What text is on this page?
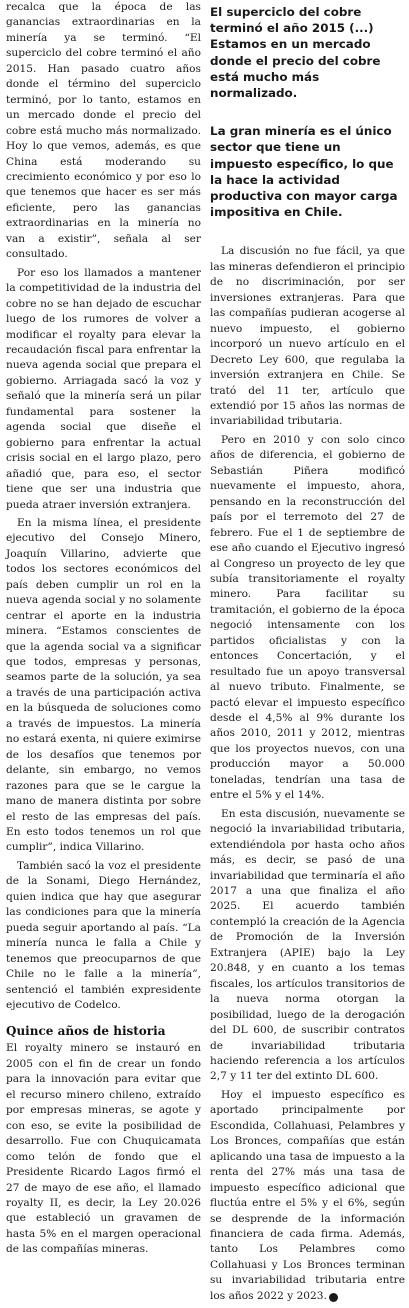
recalca que la época de las ganancias extraordinarias en la minería ya se terminó. “El superciclo del cobre terminó el año 2015. Han pasado cuatro años donde el término del superciclo terminó, por lo tanto, estamos en un mercado donde el precio del cobre está mucho más normalizado. Hoy lo que vemos, además, es que China está moderando su crecimiento económico y por eso lo que tenemos que hacer es ser más eficiente, pero las ganancias extraordinarias en la minería no van a existir”, señala al ser consultado.

Por eso los llamados a mantener la competitividad de la industria del cobre no se han dejado de escuchar luego de los rumores de volver a modificar el royalty para elevar la recaudación fiscal para enfrentar la nueva agenda social que prepara el gobierno. Arriagada sacó la voz y señaló que la minería será un pilar fundamental para sostener la agenda social que diseñe el gobierno para enfrentar la actual crisis social en el largo plazo, pero añadió que, para eso, el sector tiene que ser una industria que pueda atraer inversión extranjera.

En la misma línea, el presidente ejecutivo del Consejo Minero, Joaquín Villarino, advierte que todos los sectores económicos del país deben cumplir un rol en la nueva agenda social y no solamente centrar el aporte en la industria minera. “Estamos conscientes de que la agenda social va a significar que todos, empresas y personas, seamos parte de la solución, ya sea a través de una participación activa en la búsqueda de soluciones como a través de impuestos. La minería no estará exenta, ni quiere eximirse de los desafíos que tenemos por delante, sin embargo, no vemos razones para que se le cargue la mano de manera distinta por sobre el resto de las empresas del país. En esto todos tenemos un rol que cumplir”, indica Villarino.

También sacó la voz el presidente de la Sonami, Diego Hernández, quien indica que hay que asegurar las condiciones para que la minería pueda seguir aportando al país. “La minería nunca le falla a Chile y tenemos que preocuparnos de que Chile no le falle a la minería”, sentenció el también expresidente ejecutivo de Codelco.

Quince años de historia

El royalty minero se instauró en 2005 con el fin de crear un fondo para la innovación para evitar que el recurso minero chileno, extraído por empresas mineras, se agote y con eso, se evite la posibilidad de desarrollo. Fue con Chuquicamata como telón de fondo que el Presidente Ricardo Lagos firmó el 27 de mayo de ese año, el llamado royalty II, es decir, la Ley 20.026 que estableció un gravamen de hasta 5% en el margen operacional de las compañías mineras.

El superciclo del cobre terminó el año 2015 (...) Estamos en un mercado donde el precio del cobre está mucho más normalizado.
La gran minería es el único sector que tiene un impuesto específico, lo que la hace la actividad productiva con mayor carga impositiva en Chile.

La discusión no fue fácil, ya que las mineras defendieron el principio de no discriminación, por ser inversiones extranjeras. Para que las compañías pudieran acogerse al nuevo impuesto, el gobierno incorporó un nuevo artículo en el Decreto Ley 600, que regulaba la inversión extranjera en Chile. Se trató del 11 ter, artículo que extendió por 15 años las normas de invariabilidad tributaria.

Pero en 2010 y con solo cinco años de diferencia, el gobierno de Sebastián Piñera modificó nuevamente el impuesto, ahora, pensando en la reconstrucción del país por el terremoto del 27 de febrero. Fue el 1 de septiembre de ese año cuando el Ejecutivo ingresó al Congreso un proyecto de ley que subía transitoriamente el royalty minero. Para facilitar su tramitación, el gobierno de la época negoció intensamente con los partidos oficialistas y con la entonces Concertación, y el resultado fue un apoyo transversal al nuevo tributo. Finalmente, se pactó elevar el impuesto específico desde el 4,5% al 9% durante los años 2010, 2011 y 2012, mientras que los proyectos nuevos, con una producción mayor a 50.000 toneladas, tendrían una tasa de entre el 5% y el 14%.

En esta discusión, nuevamente se negoció la invariabilidad tributaria, extendiéndola por hasta ocho años más, es decir, se pasó de una invariabilidad que terminaría el año 2017 a una que finaliza el año 2025. El acuerdo también contempló la creación de la Agencia de Promoción de la Inversión Extranjera (APIE) bajo la Ley 20.848, y en cuanto a los temas fiscales, los artículos transitorios de la nueva norma otorgan la posibilidad, luego de la derogación del DL 600, de suscribir contratos de invariabilidad tributaria haciendo referencia a los artículos 2,7 y 11 ter del extinto DL 600.

Hoy el impuesto específico es aportado principalmente por Escondida, Collahuasi, Pelambres y Los Bronces, compañías que están aplicando una tasa de impuesto a la renta del 27% más una tasa de impuesto específico adicional que fluctúa entre el 5% y el 6%, según se desprende de la información financiera de cada firma. Además, tanto Los Pelambres como Collahuasi y Los Bronces terminan su invariabilidad tributaria entre los años 2022 y 2023. P
